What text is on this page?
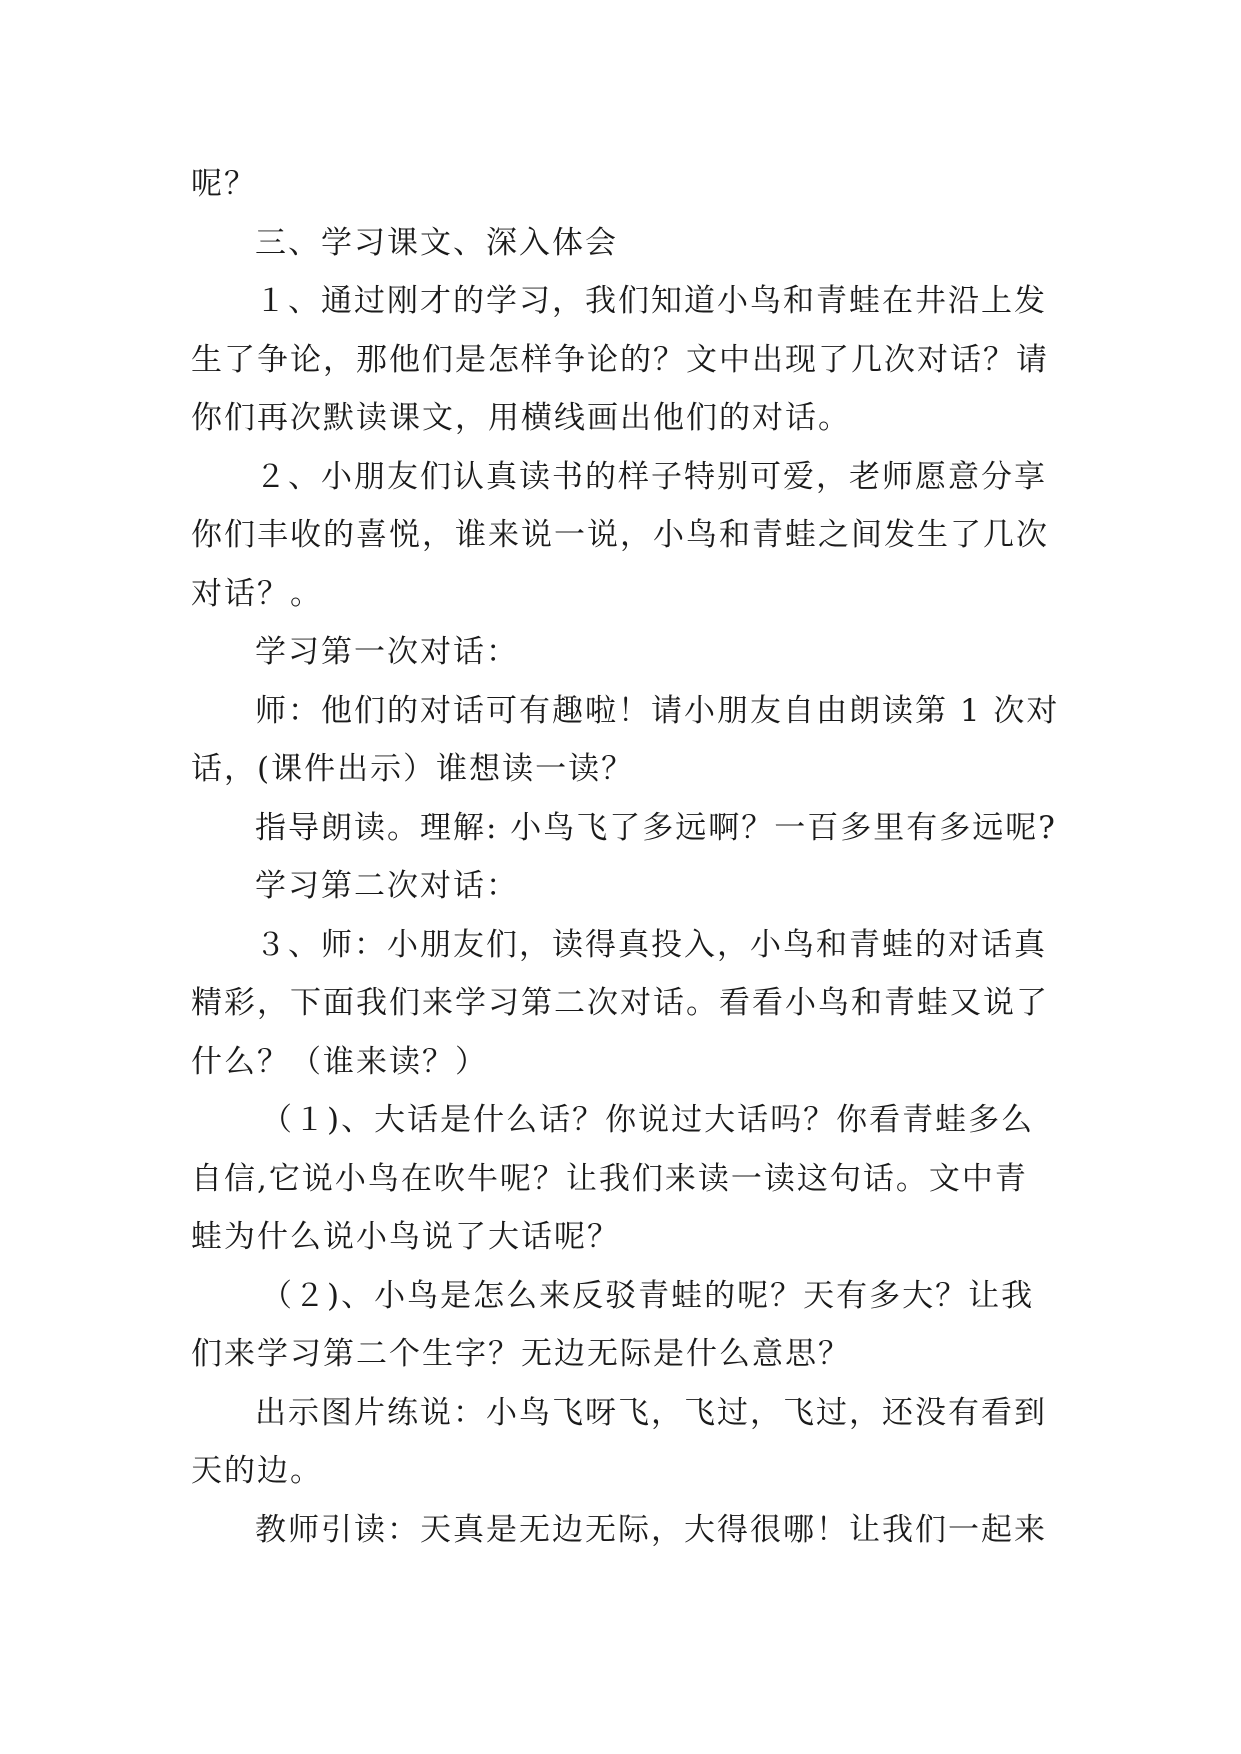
呢？
三、学习课文、深入体会
１、通过刚才的学习，我们知道小鸟和青蛙在井沿上发
生了争论，那他们是怎样争论的？文中出现了几次对话？请
你们再次默读课文，用横线画出他们的对话。
２、小朋友们认真读书的样子特别可爱，老师愿意分享
你们丰收的喜悦，谁来说一说，小鸟和青蛙之间发生了几次
对话？。
学习第一次对话：
师：他们的对话可有趣啦！请小朋友自由朗读第 1 次对
话，(课件出示）谁想读一读？
指导朗读。理解: 小鸟飞了多远啊？一百多里有多远呢?
学习第二次对话：
３、师：小朋友们，读得真投入，小鸟和青蛙的对话真
精彩，下面我们来学习第二次对话。看看小鸟和青蛙又说了
什么？（谁来读？）
（１)、大话是什么话？你说过大话吗？你看青蛙多么
自信,它说小鸟在吹牛呢？让我们来读一读这句话。文中青
蛙为什么说小鸟说了大话呢？
（２)、小鸟是怎么来反驳青蛙的呢？天有多大？让我
们来学习第二个生字？无边无际是什么意思？
出示图片练说：小鸟飞呀飞，飞过，飞过，还没有看到
天的边。
教师引读：天真是无边无际，大得很哪！让我们一起来
